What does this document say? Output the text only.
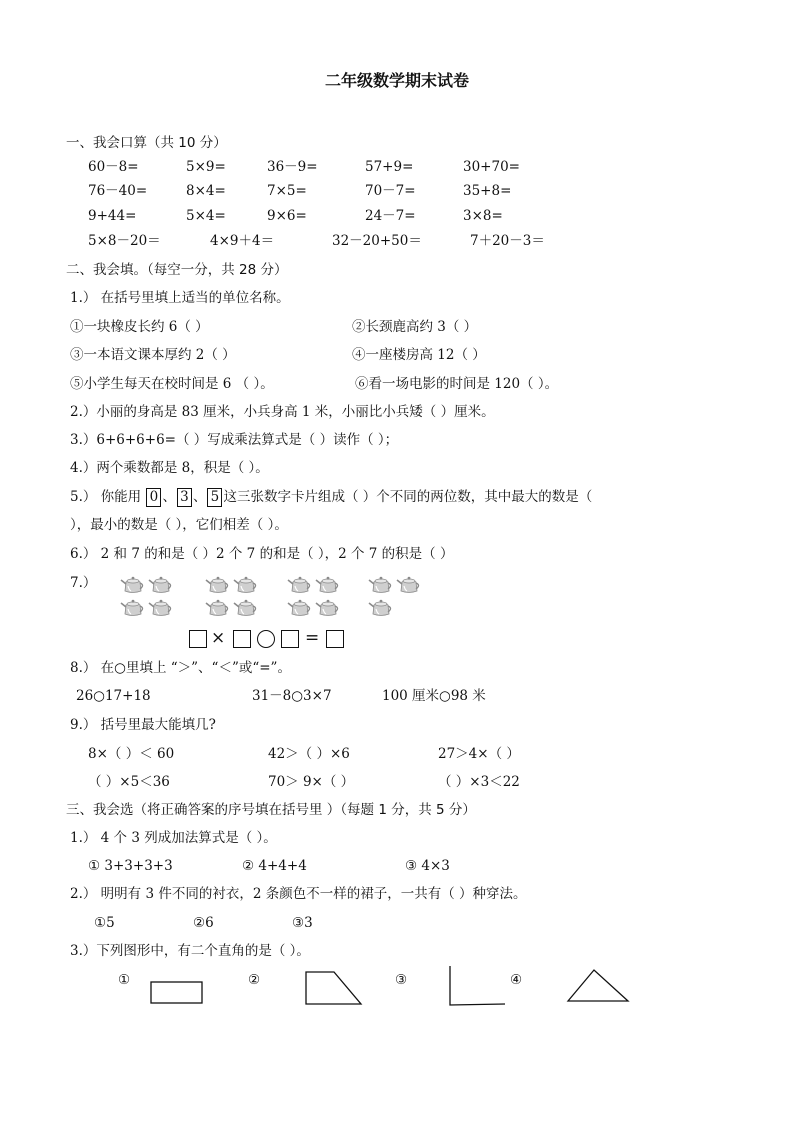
二年级数学期末试卷
一、我会口算（共 10 分）
60－8=	5×9=	36－9=	57+9=	30+70=
76－40=	8×4=	7×5=	70－7=	35+8=
9+44=	5×4=	9×6=	24－7=	3×8=
5×8－20＝	4×9＋4＝	32－20+50＝	7＋20－3＝
二、我会填。（每空一分，共 28 分）
1.） 在括号里填上适当的单位名称。
①一块橡皮长约 6（ ）	②长颈鹿高约 3（ ）
③一本语文课本厚约 2（ ）	④一座楼房高 12（ ）
⑤小学生每天在校时间是 6 （ ）。	⑥看一场电影的时间是 120（ ）。
2.）小丽的身高是 83 厘米，小兵身高 1 米，小丽比小兵矮（ ）厘米。
3.）6+6+6+6=（ ）写成乘法算式是（ ）读作（ ）；
4.）两个乘数都是 8，积是（ ）。
5.） 你能用 0 、 3 、 5 这三张数字卡片组成（ ）个不同的两位数，其中最大的数是（
），最小的数是（ ），它们相差（ ）。
6.） 2 和 7 的和是（ ）2 个 7 的和是（ ），2 个 7 的积是（ ）
7.）
×	=
8.） 在○里填上 “＞”、“＜”或“=”。
26○17+18	31－8○3×7	100 厘米○98 米
9.） 括号里最大能填几?
8×（ ）＜ 60	42＞（ ）×6	27＞4×（ ）
（ ）×5＜36	70＞ 9×（ ）	（ ）×3＜22
三、我会选（将正确答案的序号填在括号里 ）（每题 1 分，共 5 分）
1.） 4 个 3 列成加法算式是（ ）。
① 3+3+3+3	② 4+4+4	③ 4×3
2.） 明明有 3 件不同的衬衣，2 条颜色不一样的裙子，一共有（ ）种穿法。
①5	②6	③3
3.）下列图形中，有二个直角的是（ ）。
①	②	③	④
